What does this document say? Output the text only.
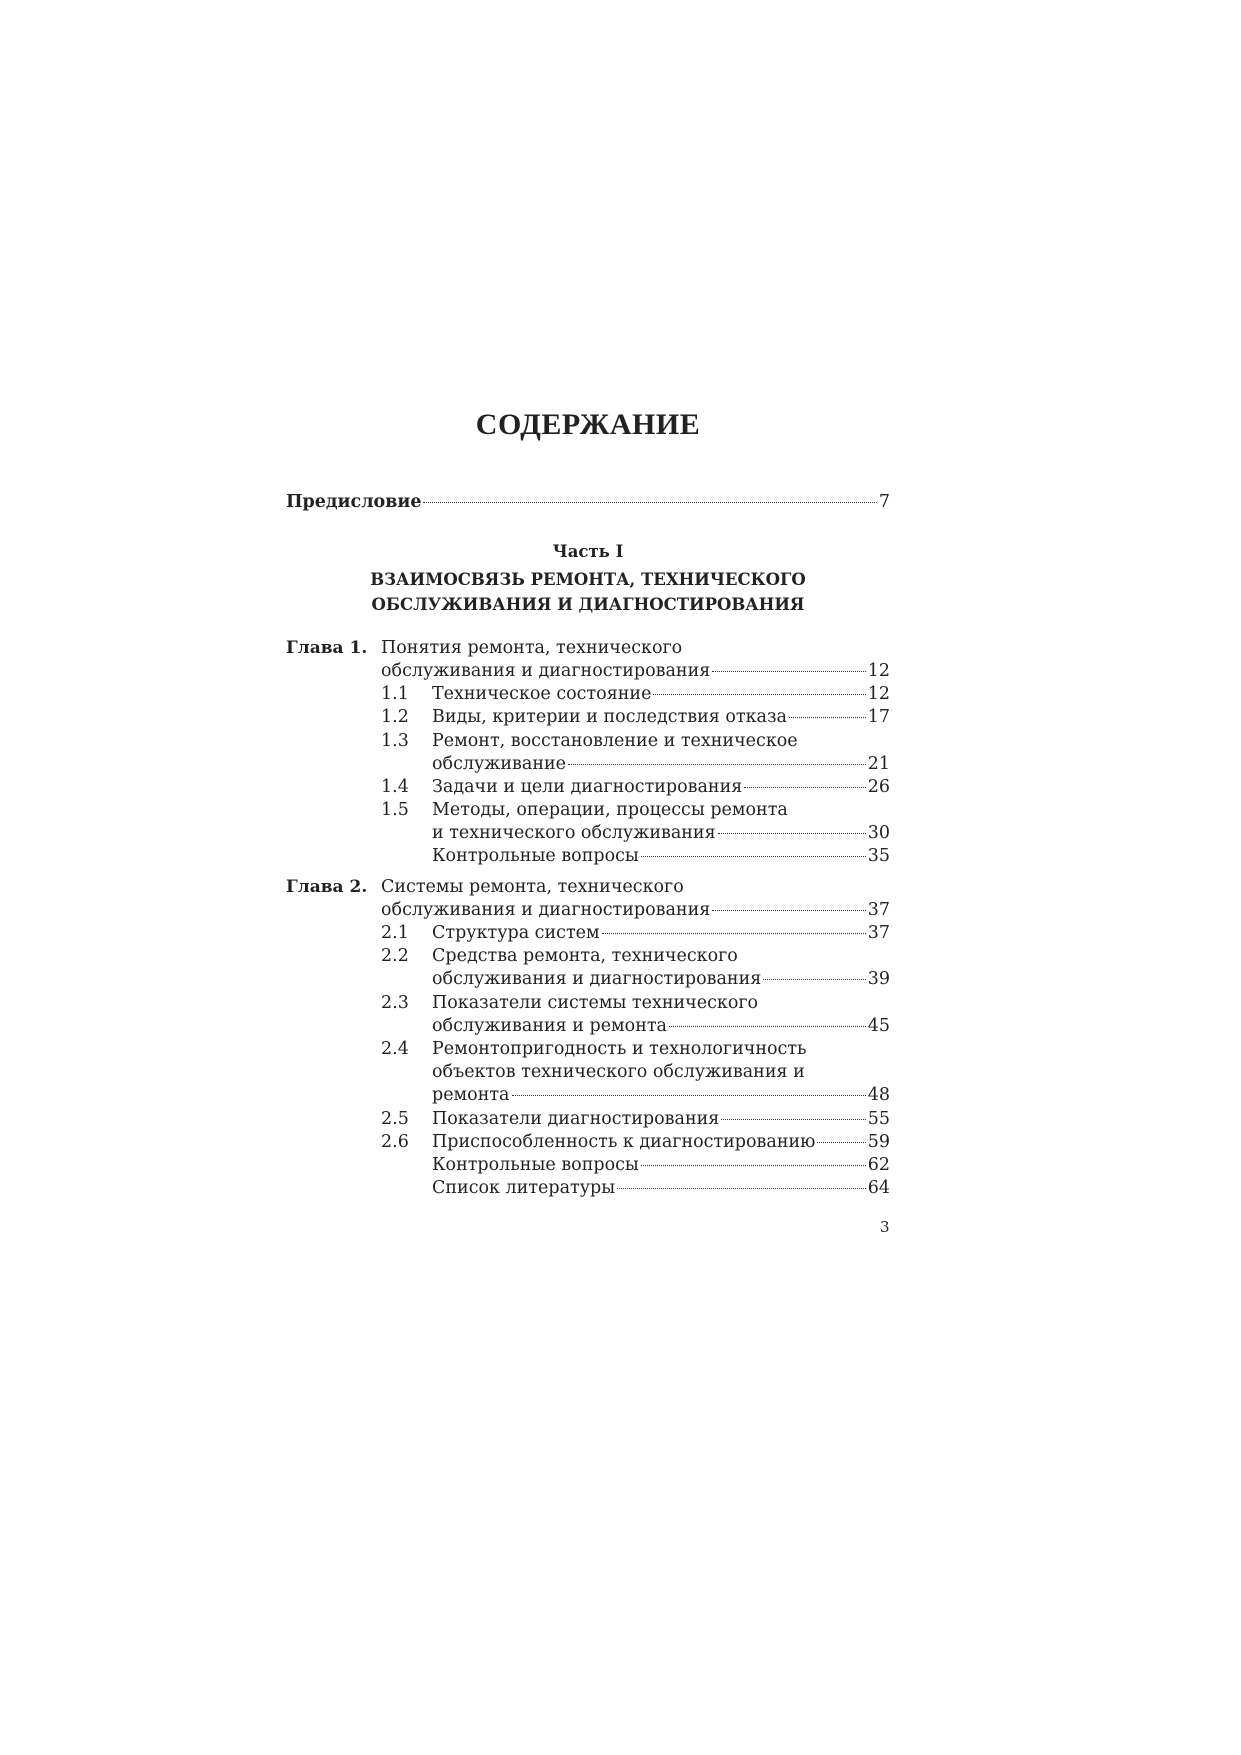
СОДЕРЖАНИЕ
Предисловие	7
Часть I
ВЗАИМОСВЯЗЬ РЕМОНТА, ТЕХНИЧЕСКОГО
ОБСЛУЖИВАНИЯ И ДИАГНОСТИРОВАНИЯ
Глава 1. Понятия ремонта, технического
обслуживания и диагностирования	12
1.1 Техническое состояние	12
1.2 Виды, критерии и последствия отказа	17
1.3 Ремонт, восстановление и техническое
обслуживание	21
1.4 Задачи и цели диагностирования	26
1.5 Методы, операции, процессы ремонта
и технического обслуживания	30
Контрольные вопросы	35
Глава 2. Системы ремонта, технического
обслуживания и диагностирования	37
2.1 Структура систем	37
2.2 Средства ремонта, технического
обслуживания и диагностирования	39
2.3 Показатели системы технического
обслуживания и ремонта	45
2.4 Ремонтопригодность и технологичность
объектов технического обслуживания и
ремонта	48
2.5 Показатели диагностирования	55
2.6 Приспособленность к диагностированию	59
Контрольные вопросы	62
Список литературы	64
3
